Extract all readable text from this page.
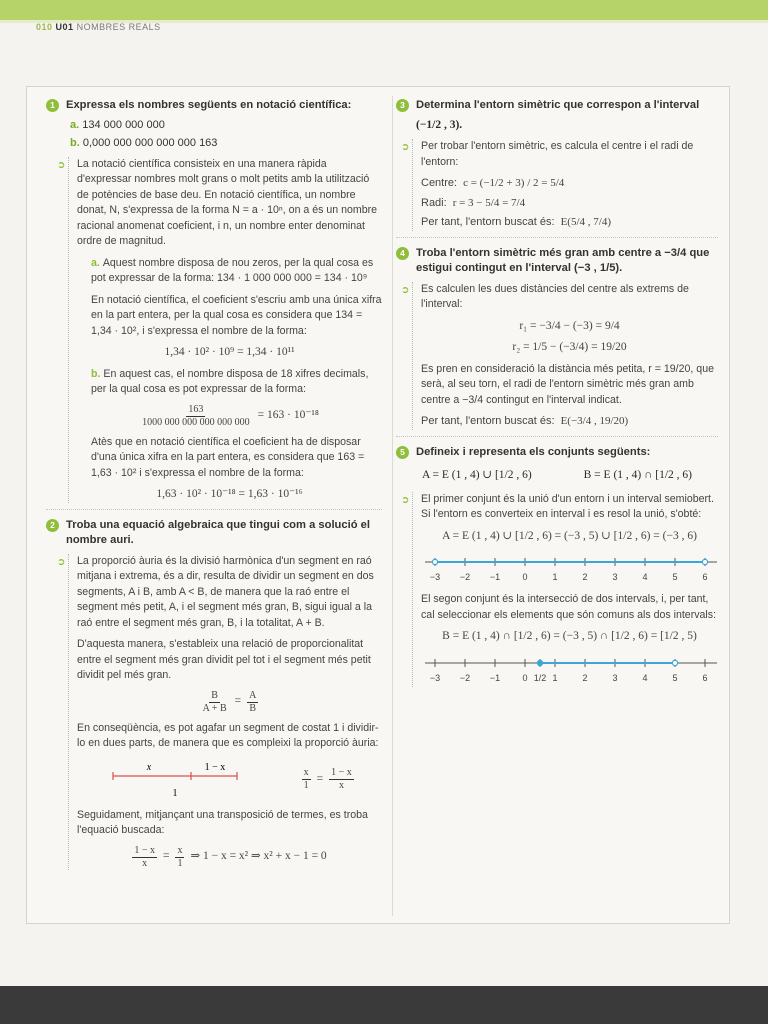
010 U01 NOMBRES REALS
1 Expressa els nombres següents en notació científica:
a. 134 000 000 000
b. 0,000 000 000 000 000 163
➲ La notació científica consisteix en una manera ràpida d'expressar nombres molt grans o molt petits amb la utilització de potències de base deu. En notació científica, un nombre donat, N, s'expressa de la forma N = a · 10ⁿ, on a és un nombre racional anomenat coeficient, i n, un nombre enter denominat ordre de magnitud.
a. Aquest nombre disposa de nou zeros, per la qual cosa es pot expressar de la forma: 134 · 1 000 000 000 = 134 · 10⁹
En notació científica, el coeficient s'escriu amb una única xifra en la part entera, per la qual cosa es considera que 134 = 1,34 · 10², i s'expressa el nombre de la forma:
1,34 · 10² · 10⁹ = 1,34 · 10¹¹
b. En aquest cas, el nombre disposa de 18 xifres decimals, per la qual cosa es pot expressar de la forma:
$\frac{163}{1000 000 000 000 000 000} = 163 \cdot 10^{-18}$
Atès que en notació científica el coeficient ha de disposar d'una única xifra en la part entera, es considera que 163 = 1,63 · 10² i s'expressa el nombre de la forma:
1,63 · 10² · 10⁻¹⁸ = 1,63 · 10⁻¹⁶
2 Troba una equació algebraica que tingui com a solució el nombre auri.
➲ La proporció àuria és la divisió harmònica d'un segment en raó mitjana i extrema, és a dir, resulta de dividir un segment en dos segments, A i B, amb A < B, de manera que la raó entre el segment més petit, A, i el segment més gran, B, sigui igual a la raó entre el segment més gran, B, i la totalitat, A + B.
D'aquesta manera, s'estableix una relació de proporcionalitat entre el segment més gran dividit pel tot i el segment més petit dividit pel més gran.
$\frac{B}{A + B} = \frac{A}{B}$
En conseqüència, es pot agafar un segment de costat 1 i dividir-lo en dues parts, de manera que es compleixi la proporció àuria:
x	1 − x
1
$\frac{x}{1} = \frac{1 - x}{x}$
Seguidament, mitjançant una transposició de termes, es troba l'equació buscada:
$\frac{1 - x}{x} = \frac{x}{1}$ ⇒ 1 − x = x² ⇒ x² + x − 1 = 0
3 Determina l'entorn simètric que correspon a l'interval
(−1/2 , 3).
➲ Per trobar l'entorn simètric, es calcula el centre i el radi de l'entorn:
Centre: c = (−1/2 + 3) / 2 = 5/4
Radi: r = 3 − 5/4 = 7/4
Per tant, l'entorn buscat és: E(5/4 , 7/4)
4 Troba l'entorn simètric més gran amb centre a −3/4 que estigui contingut en l'interval (−3 , 1/5).
➲ Es calculen les dues distàncies del centre als extrems de l'interval:
r₁ = −3/4 − (−3) = 9/4
r₂ = 1/5 − (−3/4) = 19/20
Es pren en consideració la distància més petita, r = 19/20, que serà, al seu torn, el radi de l'entorn simètric més gran amb centre a −3/4 contingut en l'interval indicat.
Per tant, l'entorn buscat és: E(−3/4 , 19/20)
5 Defineix i representa els conjunts següents:
A = E (1 , 4) ∪ [1/2 , 6)	B = E (1 , 4) ∩ [1/2 , 6)
➲ El primer conjunt és la unió d'un entorn i un interval semiobert. Si l'entorn es converteix en interval i es resol la unió, s'obté:
A = E (1 , 4) ∪ [1/2 , 6) = (−3 , 5) ∪ [1/2 , 6) = (−3 , 6)
−3 −2 −1 0	1	2	3	4	5	6
El segon conjunt és la intersecció de dos intervals, i, per tant, cal seleccionar els elements que són comuns als dos intervals:
B = E (1 , 4) ∩ [1/2 , 6) = (−3 , 5) ∩ [1/2 , 6) = [1/2 , 5)
−3 −2 −1 0 1/2 1	2	3	4	5	6
